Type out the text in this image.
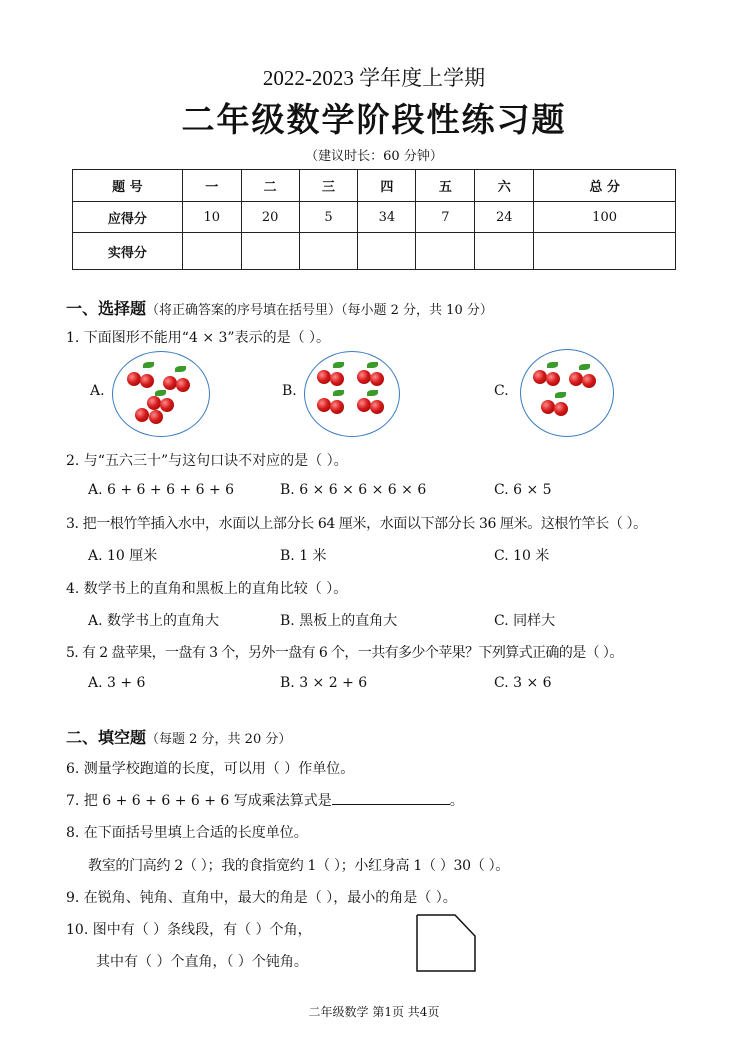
2022-2023 学年度上学期
二年级数学阶段性练习题
（建议时长：60 分钟）
题 号	一	二	三	四	五	六	总 分
应得分	10	20	5	34	7	24	100
实得分							
一、选择题（将正确答案的序号填在括号里）（每小题 2 分，共 10 分）
1. 下面图形不能用“4 × 3”表示的是（ ）。
A.	B.	C.
2. 与“五六三十”与这句口诀不对应的是（ ）。
A. 6 + 6 + 6 + 6 + 6	B. 6 × 6 × 6 × 6 × 6	C. 6 × 5
3. 把一根竹竿插入水中，水面以上部分长 64 厘米，水面以下部分长 36 厘米。这根竹竿长（ ）。
A. 10 厘米	B. 1 米	C. 10 米
4. 数学书上的直角和黑板上的直角比较（ ）。
A. 数学书上的直角大	B. 黑板上的直角大	C. 同样大
5. 有 2 盘苹果，一盘有 3 个，另外一盘有 6 个，一共有多少个苹果？下列算式正确的是（ ）。
A. 3 + 6	B. 3 × 2 + 6	C. 3 × 6
二、填空题（每题 2 分，共 20 分）
6. 测量学校跑道的长度，可以用（ ）作单位。
7. 把 6 + 6 + 6 + 6 + 6 写成乘法算式是	。
8. 在下面括号里填上合适的长度单位。
教室的门高约 2（ ）；我的食指宽约 1（ ）；小红身高 1（ ）30（ ）。
9. 在锐角、钝角、直角中，最大的角是（ ），最小的角是（ ）。
10. 图中有（ ）条线段，有（ ）个角，
其中有（ ）个直角，（ ）个钝角。
二年级数学 第1页 共4页
